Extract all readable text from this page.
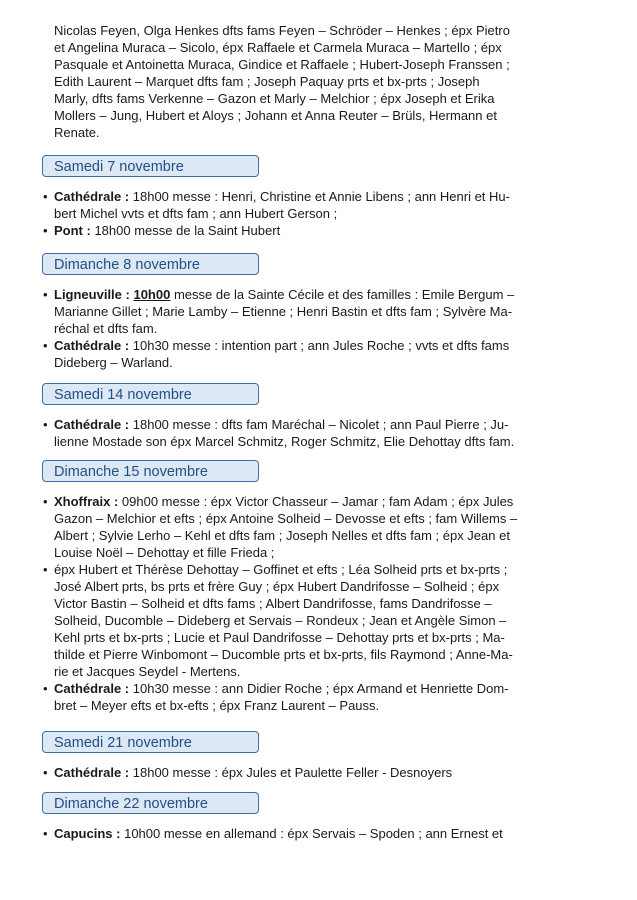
Nicolas Feyen, Olga Henkes dfts fams Feyen – Schröder – Henkes ; épx Pietro
et Angelina Muraca – Sicolo, épx Raffaele et Carmela Muraca – Martello ; épx
Pasquale et Antoinetta Muraca, Gindice et Raffaele ; Hubert-Joseph Franssen ;
Edith Laurent – Marquet dfts fam ; Joseph Paquay prts et bx-prts ; Joseph
Marly, dfts fams Verkenne – Gazon et Marly – Melchior ; épx Joseph et Erika
Mollers – Jung, Hubert et Aloys ; Johann et Anna Reuter – Brüls, Hermann et
Renate.

Samedi 7 novembre
• Cathédrale : 18h00 messe : Henri, Christine et Annie Libens ; ann Henri et Hu-
bert Michel vvts et dfts fam ; ann Hubert Gerson ;
• Pont : 18h00 messe de la Saint Hubert
Dimanche 8 novembre
• Ligneuville : 10h00 messe de la Sainte Cécile et des familles : Emile Bergum –
Marianne Gillet ; Marie Lamby – Etienne ; Henri Bastin et dfts fam ; Sylvère Ma-
réchal et dfts fam.
• Cathédrale : 10h30 messe : intention part ; ann Jules Roche ; vvts et dfts fams
Dideberg – Warland.
Samedi 14 novembre
• Cathédrale : 18h00 messe : dfts fam Maréchal – Nicolet ; ann Paul Pierre ; Ju-
lienne Mostade son épx Marcel Schmitz, Roger Schmitz, Elie Dehottay dfts fam.
Dimanche 15 novembre
• Xhoffraix : 09h00 messe : épx Victor Chasseur – Jamar ; fam Adam ; épx Jules
Gazon – Melchior et efts ; épx Antoine Solheid – Devosse et efts ; fam Willems –
Albert ; Sylvie Lerho – Kehl et dfts fam ; Joseph Nelles et dfts fam ; épx Jean et
Louise Noël – Dehottay et fille Frieda ;
• épx Hubert et Thérèse Dehottay – Goffinet et efts ; Léa Solheid prts et bx-prts ;
José Albert prts, bs prts et frère Guy ; épx Hubert Dandrifosse – Solheid ; épx
Victor Bastin – Solheid et dfts fams ; Albert Dandrifosse, fams Dandrifosse –
Solheid, Ducomble – Dideberg et Servais – Rondeux ; Jean et Angèle Simon –
Kehl prts et bx-prts ; Lucie et Paul Dandrifosse – Dehottay prts et bx-prts ; Ma-
thilde et Pierre Winbomont – Ducomble prts et bx-prts, fils Raymond ; Anne-Ma-
rie et Jacques Seydel - Mertens.
• Cathédrale : 10h30 messe : ann Didier Roche ; épx Armand et Henriette Dom-
bret – Meyer efts et bx-efts ; épx Franz Laurent – Pauss.
Samedi 21 novembre
• Cathédrale : 18h00 messe : épx Jules et Paulette Feller - Desnoyers
Dimanche 22 novembre
• Capucins : 10h00 messe en allemand : épx Servais – Spoden ; ann Ernest et
